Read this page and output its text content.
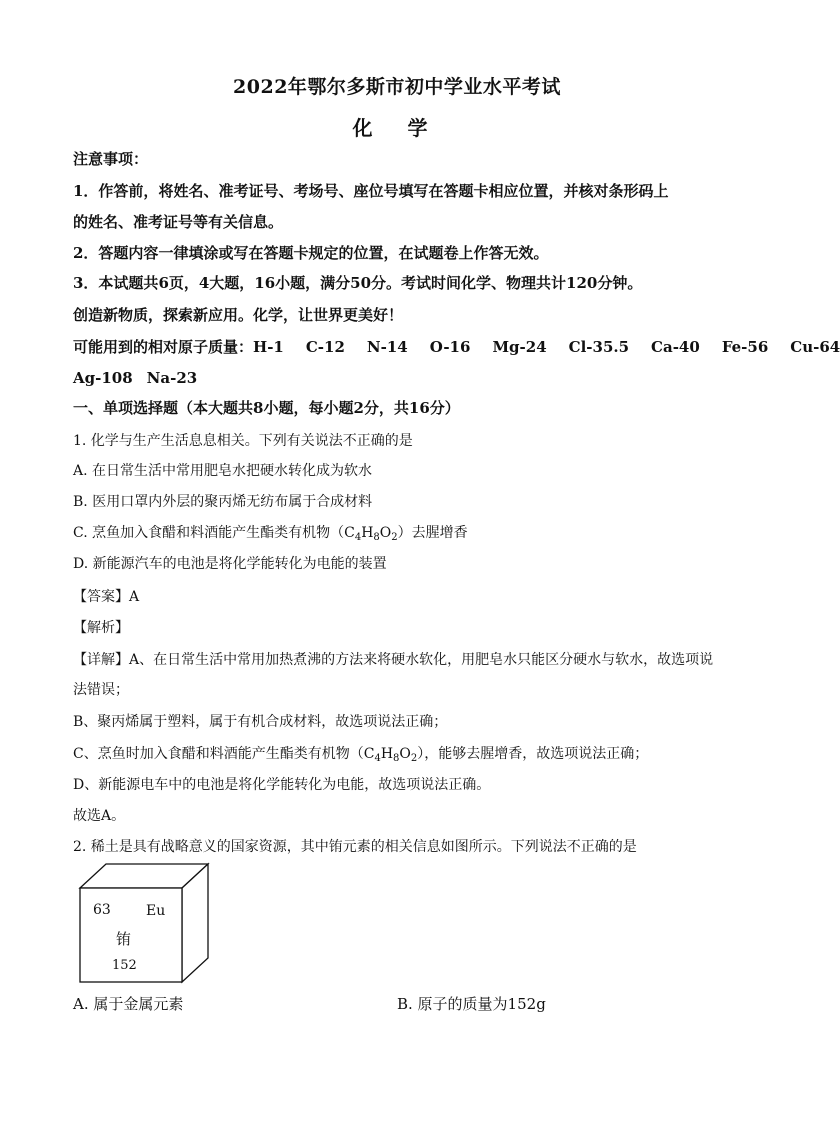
2022年鄂尔多斯市初中学业水平考试
化 学
注意事项：
1．作答前，将姓名、准考证号、考场号、座位号填写在答题卡相应位置，并核对条形码上
的姓名、准考证号等有关信息。
2．答题内容一律填涂或写在答题卡规定的位置，在试题卷上作答无效。
3．本试题共6页，4大题，16小题，满分50分。考试时间化学、物理共计120分钟。
创造新物质，探索新应用。化学，让世界更美好！
可能用到的相对原子质量：H-1 C-12 N-14 O-16 Mg-24 Cl-35.5 Ca-40 Fe-56 Cu-64
Ag-108 Na-23
一、单项选择题（本大题共8小题，每小题2分，共16分）
1. 化学与生产生活息息相关。下列有关说法不正确的是
A. 在日常生活中常用肥皂水把硬水转化成为软水
B. 医用口罩内外层的聚丙烯无纺布属于合成材料
C. 烹鱼加入食醋和料酒能产生酯类有机物$(C_4H_8O_2)$去腥增香
D. 新能源汽车的电池是将化学能转化为电能的装置
【答案】A
【解析】
【详解】A、在日常生活中常用加热煮沸的方法来将硬水软化，用肥皂水只能区分硬水与软水，故选项说
法错误；
B、聚丙烯属于塑料，属于有机合成材料，故选项说法正确；
C、烹鱼时加入食醋和料酒能产生酯类有机物$(C_4H_8O_2)$，能够去腥增香，故选项说法正确；
D、新能源电车中的电池是将化学能转化为电能，故选项说法正确。
故选A。
2. 稀土是具有战略意义的国家资源，其中铕元素的相关信息如图所示。下列说法不正确的是
63	Eu
铕
152
A. 属于金属元素	B. 原子的质量为152g
